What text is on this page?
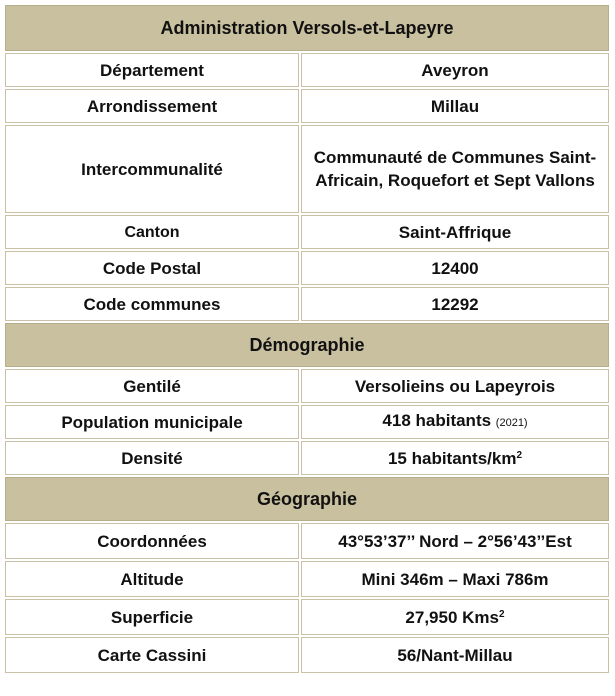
Administration Versols-et-Lapeyre	
Département	Aveyron
Arrondissement	Millau
Intercommunalité	Communauté de Communes Saint-Africain, Roquefort et Sept Vallons
Canton	Saint-Affrique
Code Postal	12400
Code communes	12292
Démographie	
Gentilé	Versolieins ou Lapeyrois
Population municipale	418 habitants (2021)
Densité	15 habitants/$km^2$
Géographie	
Coordonnées	43°53’37’’ Nord – 2°56’43’’Est
Altitude	Mini 346m – Maxi 786m
Superficie	27,950 Kms$^2$
Carte Cassini	56/Nant-Millau
